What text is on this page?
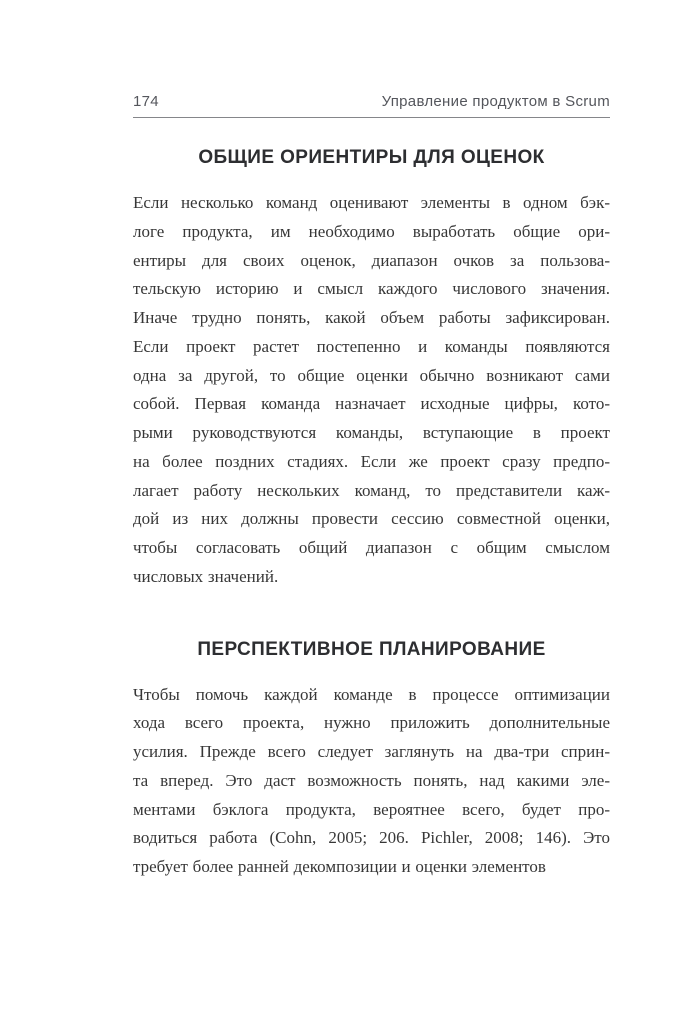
174	Управление продуктом в Scrum
ОБЩИЕ ОРИЕНТИРЫ ДЛЯ ОЦЕНОК
Если несколько команд оценивают элементы в одном бэк-
логе продукта, им необходимо выработать общие ори-
ентиры для своих оценок, диапазон очков за пользова-
тельскую историю и смысл каждого числового значения.
Иначе трудно понять, какой объем работы зафиксирован.
Если проект растет постепенно и команды появляются
одна за другой, то общие оценки обычно возникают сами
собой. Первая команда назначает исходные цифры, кото-
рыми руководствуются команды, вступающие в проект
на более поздних стадиях. Если же проект сразу предпо-
лагает работу нескольких команд, то представители каж-
дой из них должны провести сессию совместной оценки,
чтобы согласовать общий диапазон с общим смыслом
числовых значений.
ПЕРСПЕКТИВНОЕ ПЛАНИРОВАНИЕ
Чтобы помочь каждой команде в процессе оптимизации
хода всего проекта, нужно приложить дополнительные
усилия. Прежде всего следует заглянуть на два-три сприн-
та вперед. Это даст возможность понять, над какими эле-
ментами бэклога продукта, вероятнее всего, будет про-
водиться работа (Cohn, 2005; 206. Pichler, 2008; 146). Это
требует более ранней декомпозиции и оценки элементов
